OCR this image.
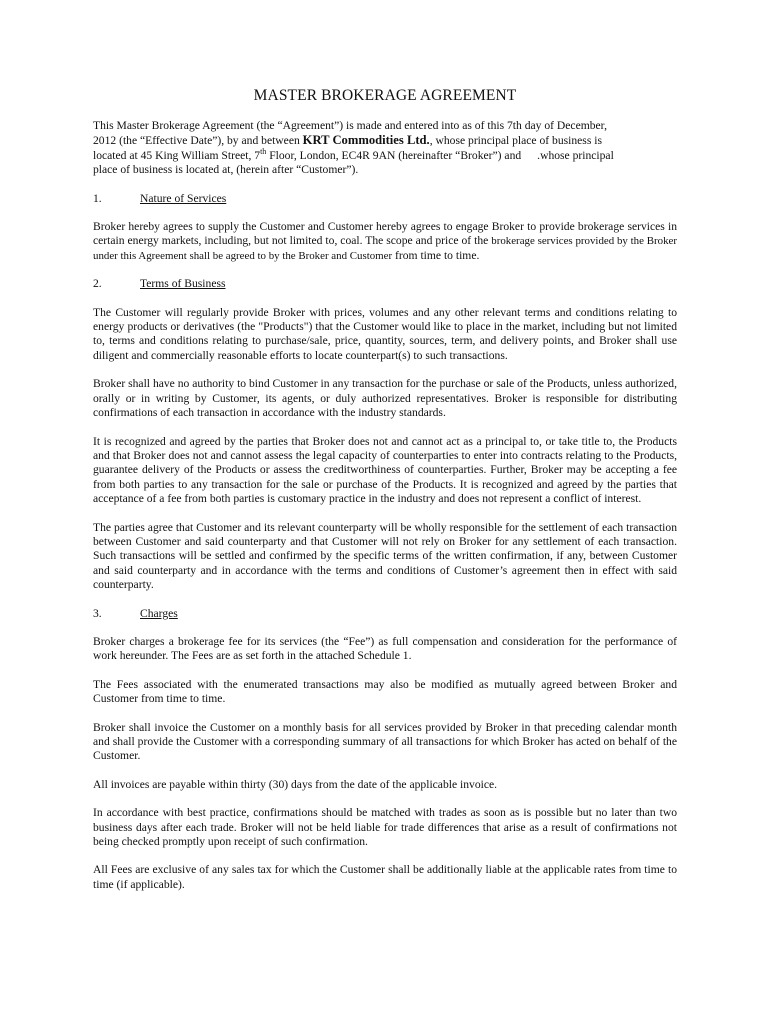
MASTER BROKERAGE AGREEMENT
This Master Brokerage Agreement (the “Agreement”) is made and entered into as of this 7th day of December,
2012 (the “Effective Date”), by and between KRT Commodities Ltd., whose principal place of business is
located at 45 King William Street, 7th Floor, London, EC4R 9AN (hereinafter “Broker”) and .whose principal
place of business is located at, (herein after “Customer”).
1.	Nature of Services
Broker hereby agrees to supply the Customer and Customer hereby agrees to engage Broker to provide brokerage services in certain energy markets, including, but not limited to, coal. The scope and price of the brokerage services provided by the Broker under this Agreement shall be agreed to by the Broker and Customer from time to time.
2.	Terms of Business
The Customer will regularly provide Broker with prices, volumes and any other relevant terms and conditions relating to energy products or derivatives (the "Products") that the Customer would like to place in the market, including but not limited to, terms and conditions relating to purchase/sale, price, quantity, sources, term, and delivery points, and Broker shall use diligent and commercially reasonable efforts to locate counterpart(s) to such transactions.
Broker shall have no authority to bind Customer in any transaction for the purchase or sale of the Products, unless authorized, orally or in writing by Customer, its agents, or duly authorized representatives. Broker is responsible for distributing confirmations of each transaction in accordance with the industry standards.
It is recognized and agreed by the parties that Broker does not and cannot act as a principal to, or take title to, the Products and that Broker does not and cannot assess the legal capacity of counterparties to enter into contracts relating to the Products, guarantee delivery of the Products or assess the creditworthiness of counterparties. Further, Broker may be accepting a fee from both parties to any transaction for the sale or purchase of the Products. It is recognized and agreed by the parties that acceptance of a fee from both parties is customary practice in the industry and does not represent a conflict of interest.
The parties agree that Customer and its relevant counterparty will be wholly responsible for the settlement of each transaction between Customer and said counterparty and that Customer will not rely on Broker for any settlement of each transaction. Such transactions will be settled and confirmed by the specific terms of the written confirmation, if any, between Customer and said counterparty and in accordance with the terms and conditions of Customer’s agreement then in effect with said counterparty.
3.	Charges
Broker charges a brokerage fee for its services (the “Fee”) as full compensation and consideration for the performance of work hereunder. The Fees are as set forth in the attached Schedule 1.
The Fees associated with the enumerated transactions may also be modified as mutually agreed between Broker and Customer from time to time.
Broker shall invoice the Customer on a monthly basis for all services provided by Broker in that preceding calendar month and shall provide the Customer with a corresponding summary of all transactions for which Broker has acted on behalf of the Customer.
All invoices are payable within thirty (30) days from the date of the applicable invoice.
In accordance with best practice, confirmations should be matched with trades as soon as is possible but no later than two business days after each trade. Broker will not be held liable for trade differences that arise as a result of confirmations not being checked promptly upon receipt of such confirmation.
All Fees are exclusive of any sales tax for which the Customer shall be additionally liable at the applicable rates from time to time (if applicable).
